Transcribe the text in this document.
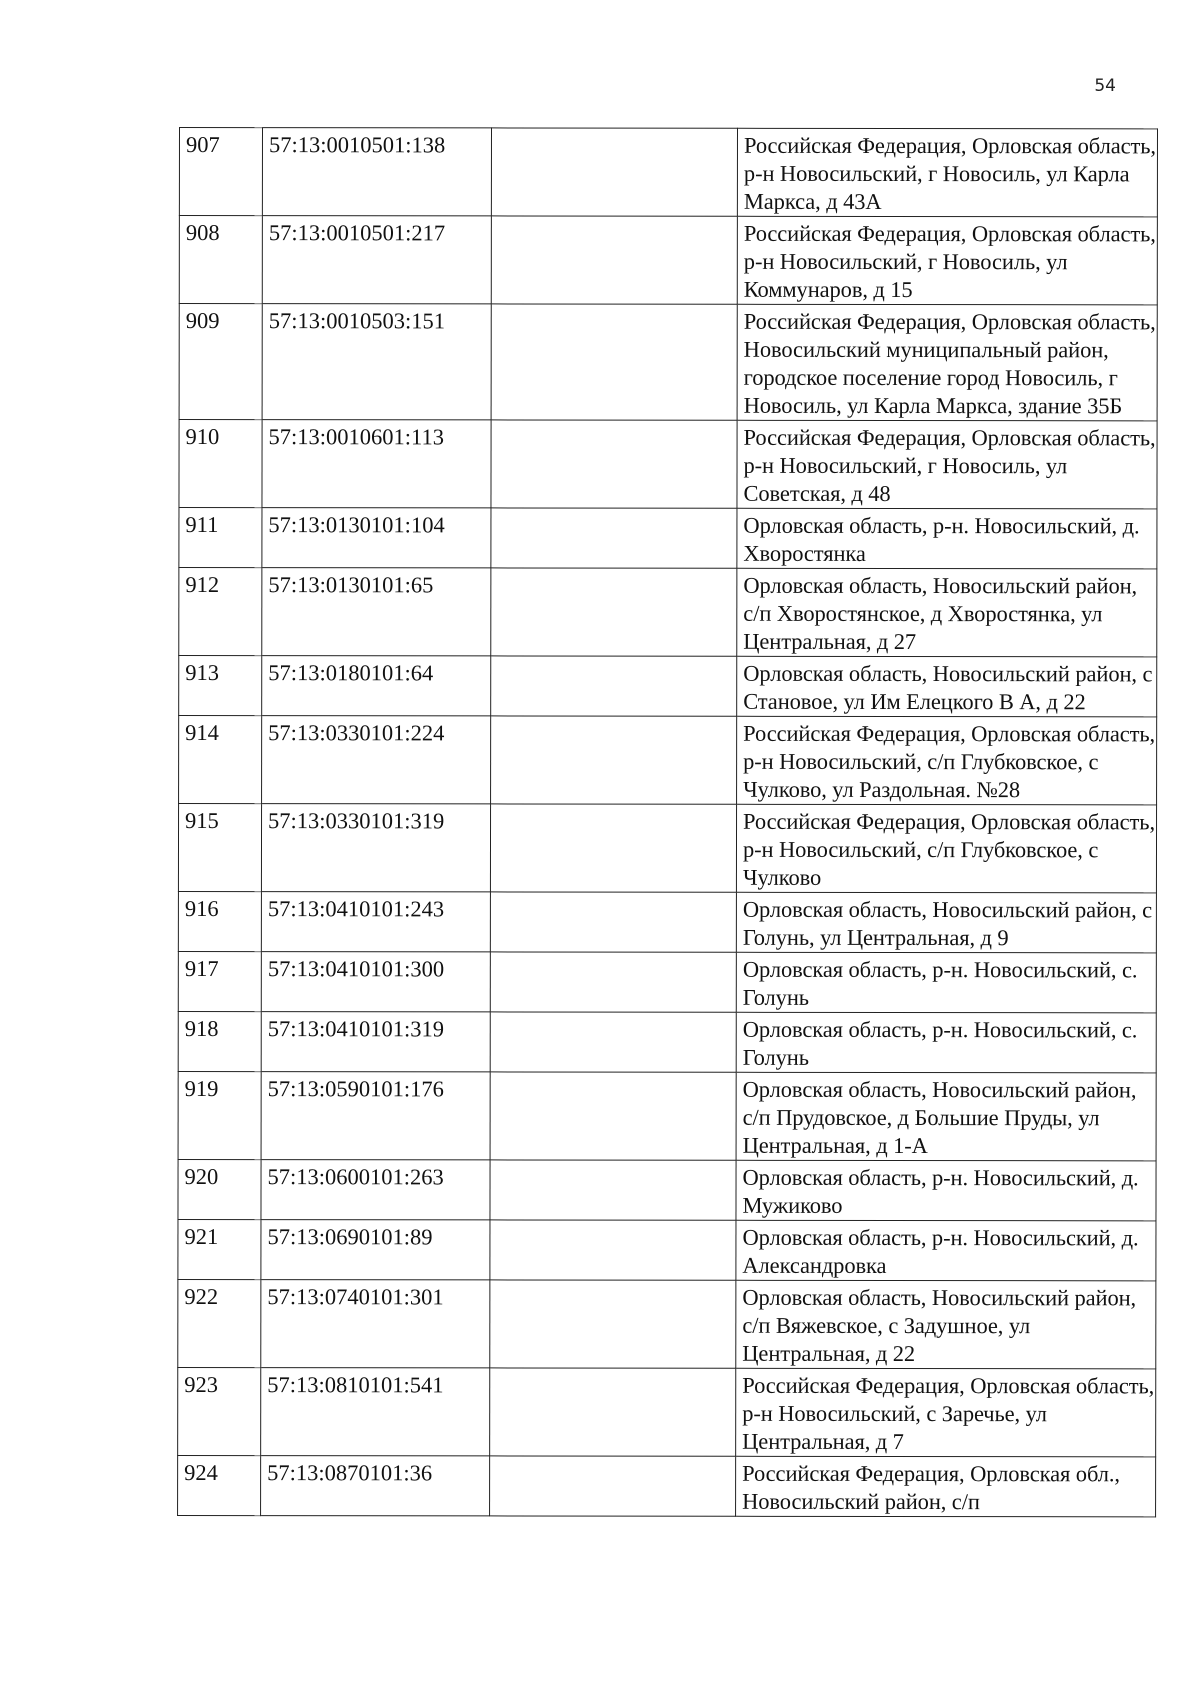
54
907	57:13:0010501:138		Российская Федерация, Орловская область, р-н Новосильский, г Новосиль, ул Карла Маркса, д 43А
908	57:13:0010501:217		Российская Федерация, Орловская область, р-н Новосильский, г Новосиль, ул Коммунаров, д 15
909	57:13:0010503:151		Российская Федерация, Орловская область, Новосильский муниципальный район, городское поселение город Новосиль, г Новосиль, ул Карла Маркса, здание 35Б
910	57:13:0010601:113		Российская Федерация, Орловская область, р-н Новосильский, г Новосиль, ул Советская, д 48
911	57:13:0130101:104		Орловская область, р-н. Новосильский, д. Хворостянка
912	57:13:0130101:65		Орловская область, Новосильский район, с/п Хворостянское, д Хворостянка, ул Центральная, д 27
913	57:13:0180101:64		Орловская область, Новосильский район, с Становое, ул Им Елецкого В А, д 22
914	57:13:0330101:224		Российская Федерация, Орловская область, р-н Новосильский, с/п Глубковское, с Чулково, ул Раздольная. №28
915	57:13:0330101:319		Российская Федерация, Орловская область, р-н Новосильский, с/п Глубковское, с Чулково
916	57:13:0410101:243		Орловская область, Новосильский район, с Голунь, ул Центральная, д 9
917	57:13:0410101:300		Орловская область, р-н. Новосильский, с. Голунь
918	57:13:0410101:319		Орловская область, р-н. Новосильский, с. Голунь
919	57:13:0590101:176		Орловская область, Новосильский район, с/п Прудовское, д Большие Пруды, ул Центральная, д 1-А
920	57:13:0600101:263		Орловская область, р-н. Новосильский, д. Мужиково
921	57:13:0690101:89		Орловская область, р-н. Новосильский, д. Александровка
922	57:13:0740101:301		Орловская область, Новосильский район, с/п Вяжевское, с Задушное, ул Центральная, д 22
923	57:13:0810101:541		Российская Федерация, Орловская область, р-н Новосильский, с Заречье, ул Центральная, д 7
924	57:13:0870101:36		Российская Федерация, Орловская обл., Новосильский район, с/п
